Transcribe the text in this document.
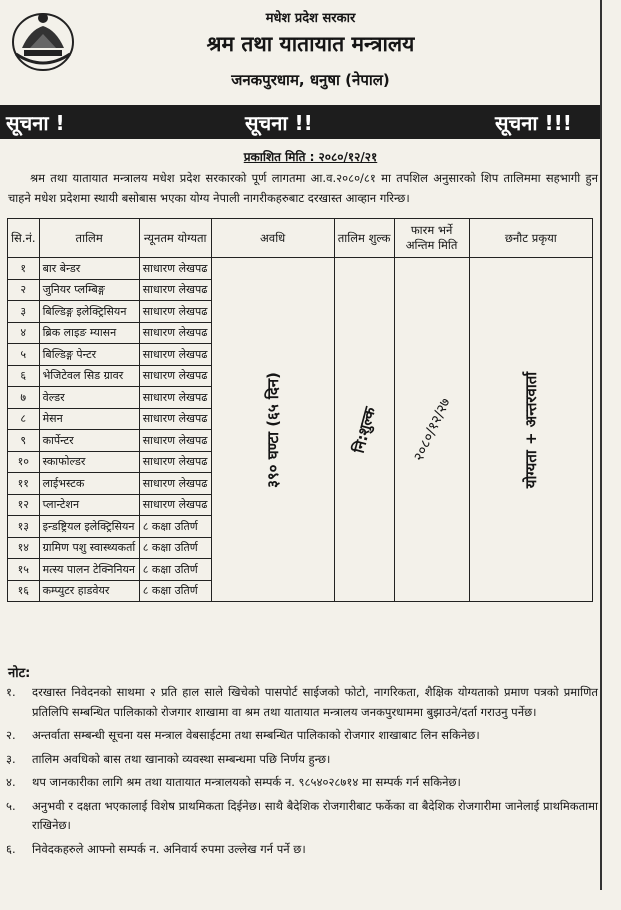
मधेश प्रदेश सरकार
श्रम तथा यातायात मन्त्रालय
जनकपुरधाम, धनुषा (नेपाल)
सूचना !	सूचना !!	सूचना !!!
प्रकाशित मिति : २०८०/१२/२१
श्रम तथा यातायात मन्त्रालय मधेश प्रदेश सरकारको पूर्ण लागतमा आ.व.२०८०/८१ मा तपशिल अनुसारको शिप तालिममा सहभागी हुन चाहने मधेश प्रदेशमा स्थायी बसोबास भएका योग्य नेपाली नागरीकहरुबाट दरखास्त आव्हान गरिन्छ।
सि.नं.	तालिम	न्यूनतम योग्यता	अवधि	तालिम शुल्क	फारम भर्ने अन्तिम मिति	छनौट प्रकृया
१	बार बेन्डर	साधारण लेखपढ	३९० घण्टा (६५ दिन)	नि:शुल्क	२०८०/१२/२७	योग्यता + अन्तरवार्ता
२	जुनियर प्लम्बिङ्ग	साधारण लेखपढ				
३	बिल्डिङ्ग इलेक्ट्रिसियन	साधारण लेखपढ				
४	ब्रिक लाइङ म्यासन	साधारण लेखपढ				
५	बिल्डिङ्ग पेन्टर	साधारण लेखपढ				
६	भेजिटेवल सिड ग्रावर	साधारण लेखपढ				
७	वेल्डर	साधारण लेखपढ				
८	मेसन	साधारण लेखपढ				
९	कार्पेन्टर	साधारण लेखपढ				
१०	स्काफोल्डर	साधारण लेखपढ				
११	लाईभस्टक	साधारण लेखपढ				
१२	प्लान्टेशन	साधारण लेखपढ				
१३	इन्डष्ट्रियल इलेक्ट्रिसियन	८ कक्षा उतिर्ण				
१४	ग्रामिण पशु स्वास्थ्यकर्ता	८ कक्षा उतिर्ण				
१५	मत्स्य पालन टेक्निनियन	८ कक्षा उतिर्ण				
१६	कम्प्युटर हाडवेयर	८ कक्षा उतिर्ण				
नोट:
१. दरखास्त निवेदनको साथमा २ प्रति हाल साले खिचेको पासपोर्ट साईजको फोटो, नागरिकता, शैक्षिक योग्यताको प्रमाण पत्रको प्रमाणित प्रतिलिपि सम्बन्धित पालिकाको रोजगार शाखामा वा श्रम तथा यातायात मन्त्रालय जनकपुरधाममा बुझाउने/दर्ता गराउनु पर्नेछ।
२. अन्तर्वाता सम्बन्धी सूचना यस मन्त्राल वेबसाईटमा तथा सम्बन्धित पालिकाको रोजगार शाखाबाट लिन सकिनेछ।
३. तालिम अवधिको बास तथा खानाको व्यवस्था सम्बन्धमा पछि निर्णय हुन्छ।
४. थप जानकारीका लागि श्रम तथा यातायात मन्त्रालयको सम्पर्क न. ९८५४०२८७१४ मा सम्पर्क गर्न सकिनेछ।
५. अनुभवी र दक्षता भएकालाई विशेष प्राथमिकता दिईनेछ। साथै बैदेशिक रोजगारीबाट फर्केका वा बैदेशिक रोजगारीमा जानेलाई प्राथमिकतामा राखिनेछ।
६. निवेदकहरुले आफ्नो सम्पर्क न. अनिवार्य रुपमा उल्लेख गर्न पर्ने छ।
